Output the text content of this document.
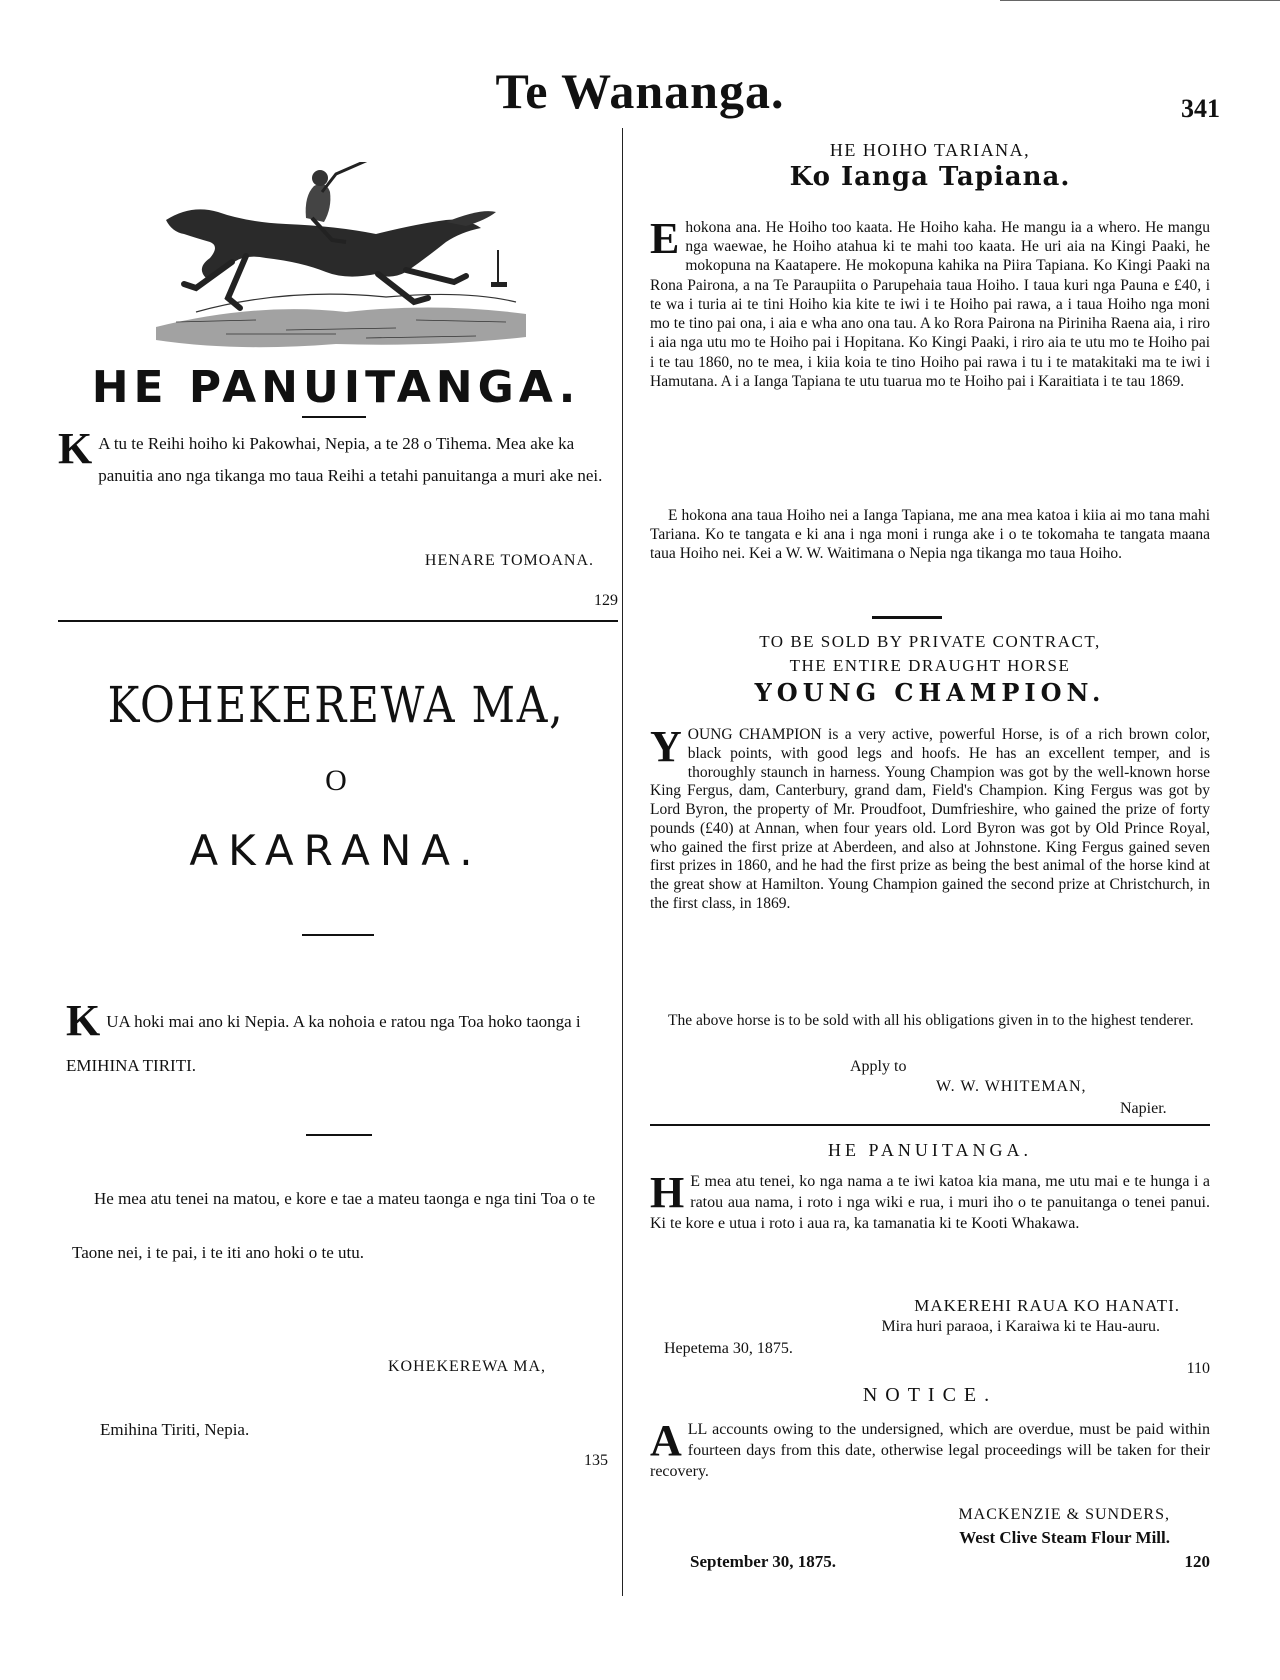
Te Wananga.	341
HE PANUITANGA.
K A tu te Reihi hoiho ki Pakowhai, Nepia, a te 28 o Tihema. Mea ake ka panuitia ano nga tikanga mo taua Reihi a tetahi panuitanga a muri ake nei.
HENARE TOMOANA.
129
KOHEKEREWA MA,
O
AKARANA.
KUA hoki mai ano ki Nepia. A ka nohoia e ratou nga Toa hoko taonga i EMIHINA TIRITI.
He mea atu tenei na matou, e kore e tae a mateu taonga e nga tini Toa o te Taone nei, i te pai, i te iti ano hoki o te utu.
KOHEKEREWA MA,
Emihina Tiriti, Nepia.
135
HE HOIHO TARIANA,
Ko Ianga Tapiana.
Ehokona ana. He Hoiho too kaata. He Hoiho kaha. He mangu ia a whero. He mangu nga waewae, he Hoiho atahua ki te mahi too kaata. He uri aia na Kingi Paaki, he mokopuna na Kaatapere. He mokopuna kahika na Piira Tapiana. Ko Kingi Paaki na Rona Pairona, a na Te Paraupiita o Parupehaia taua Hoiho. I taua kuri nga Pauna e £40, i te wa i turia ai te tini Hoiho kia kite te iwi i te Hoiho pai rawa, a i taua Hoiho nga moni mo te tino pai ona, i aia e wha ano ona tau. A ko Rora Pairona na Piriniha Raena aia, i riro i aia nga utu mo te Hoiho pai i Hopitana. Ko Kingi Paaki, i riro aia te utu mo te Hoiho pai i te tau 1860, no te mea, i kiia koia te tino Hoiho pai rawa i tu i te matakitaki ma te iwi i Hamutana. A i a Ianga Tapiana te utu tuarua mo te Hoiho pai i Karaitiata i te tau 1869.
E hokona ana taua Hoiho nei a Ianga Tapiana, me ana mea katoa i kiia ai mo tana mahi Tariana. Ko te tangata e ki ana i nga moni i runga ake i o te tokomaha te tangata maana taua Hoiho nei. Kei a W. W. Waitimana o Nepia nga tikanga mo taua Hoiho.
TO BE SOLD BY PRIVATE CONTRACT,
THE ENTIRE DRAUGHT HORSE
YOUNG CHAMPION.
YOUNG CHAMPION is a very active, powerful Horse, is of a rich brown color, black points, with good legs and hoofs. He has an excellent temper, and is thoroughly staunch in harness. Young Champion was got by the well-known horse King Fergus, dam, Canterbury, grand dam, Field's Champion. King Fergus was got by Lord Byron, the property of Mr. Proudfoot, Dumfrieshire, who gained the prize of forty pounds (£40) at Annan, when four years old. Lord Byron was got by Old Prince Royal, who gained the first prize at Aberdeen, and also at Johnstone. King Fergus gained seven first prizes in 1860, and he had the first prize as being the best animal of the horse kind at the great show at Hamilton. Young Champion gained the second prize at Christchurch, in the first class, in 1869.
The above horse is to be sold with all his obligations given in to the highest tenderer.
Apply to
W. W. WHITEMAN,
Napier.
HE PANUITANGA.
H E mea atu tenei, ko nga nama a te iwi katoa kia mana, me utu mai e te hunga i a ratou aua nama, i roto i nga wiki e rua, i muri iho o te panuitanga o tenei panui. Ki te kore e utua i roto i aua ra, ka tamanatia ki te Kooti Whakawa.
MAKEREHI RAUA KO HANATI.
Mira huri paraoa, i Karaiwa ki te Hau-auru.
Hepetema 30, 1875.
110
NOTICE.
ALL accounts owing to the undersigned, which are overdue, must be paid within fourteen days from this date, otherwise legal proceedings will be taken for their recovery.
MACKENZIE & SUNDERS,
West Clive Steam Flour Mill.
September 30, 1875.	120
